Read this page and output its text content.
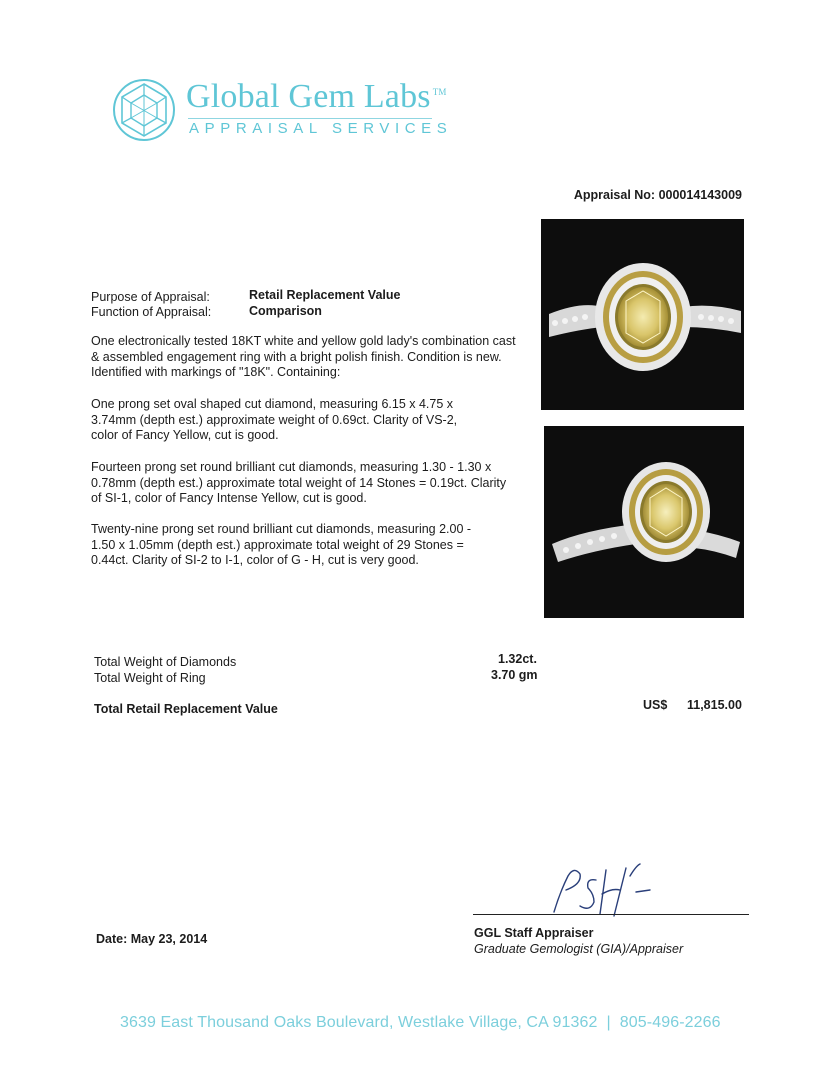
Global Gem Labs ™
APPRAISAL SERVICES
Appraisal No: 000014143009
Purpose of Appraisal:	Retail Replacement Value
Function of Appraisal:	Comparison
One electronically tested 18KT white and yellow gold lady's combination cast & assembled engagement ring with a bright polish finish. Condition is new. Identified with markings of "18K". Containing:
One prong set oval shaped cut diamond, measuring 6.15 x 4.75 x 3.74mm (depth est.) approximate weight of 0.69ct. Clarity of VS-2, color of Fancy Yellow, cut is good.
Fourteen prong set round brilliant cut diamonds, measuring 1.30 - 1.30 x 0.78mm (depth est.) approximate total weight of 14 Stones = 0.19ct. Clarity of SI-1, color of Fancy Intense Yellow, cut is good.
Twenty-nine prong set round brilliant cut diamonds, measuring 2.00 - 1.50 x 1.05mm (depth est.) approximate total weight of 29 Stones = 0.44ct. Clarity of SI-2 to I-1, color of G - H, cut is very good.
Total Weight of Diamonds	1.32ct.
Total Weight of Ring	3.70 gm
Total Retail Replacement Value	US$ 11,815.00
GGL Staff Appraiser
Graduate Gemologist (GIA)/Appraiser
Date: May 23, 2014
3639 East Thousand Oaks Boulevard, Westlake Village, CA 91362 | 805-496-2266
